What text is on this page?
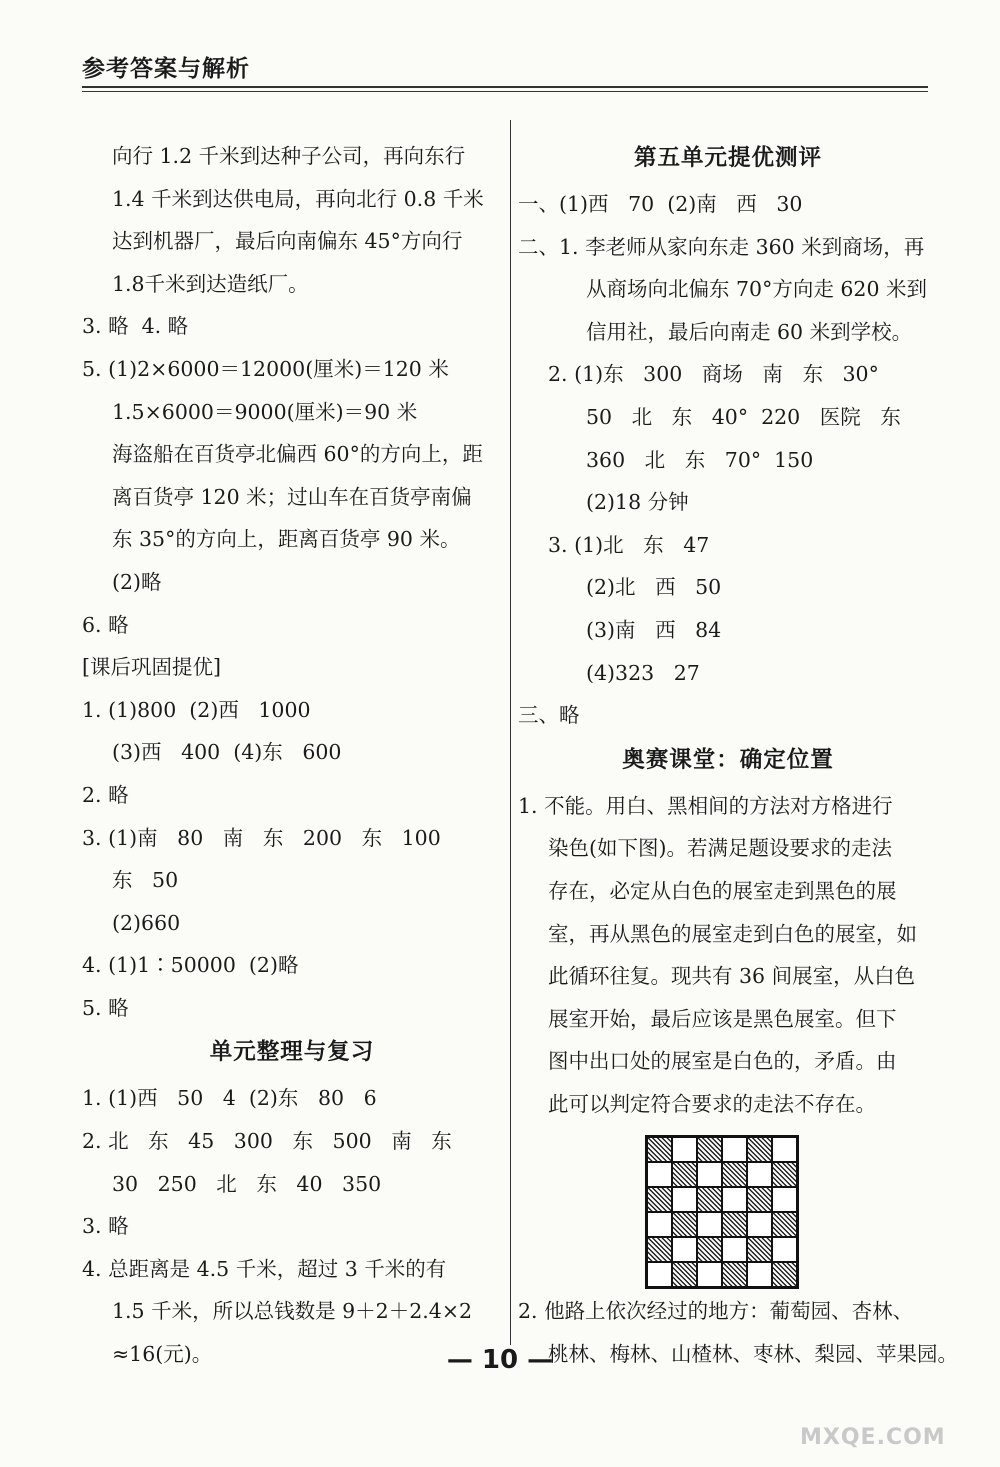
参考答案与解析
向行 1.2 千米到达种子公司，再向东行
1.4 千米到达供电局，再向北行 0.8 千米
达到机器厂，最后向南偏东 45°方向行
1.8千米到达造纸厂。
3. 略  4. 略
5. (1)2×6000＝12000(厘米)＝120 米
1.5×6000＝9000(厘米)＝90 米
海盗船在百货亭北偏西 60°的方向上，距
离百货亭 120 米；过山车在百货亭南偏
东 35°的方向上，距离百货亭 90 米。
(2)略
6. 略
[课后巩固提优]
1. (1)800  (2)西   1000
(3)西   400  (4)东   600
2. 略
3. (1)南   80   南   东   200   东   100
东   50
(2)660
4. (1)1∶50000  (2)略
5. 略
单元整理与复习
1. (1)西   50   4  (2)东   80   6
2. 北   东   45   300   东   500   南   东
30   250   北   东   40   350
3. 略
4. 总距离是 4.5 千米，超过 3 千米的有
1.5 千米，所以总钱数是 9＋2＋2.4×2
≈16(元)。
第五单元提优测评
一、(1)西   70  (2)南   西   30
二、1. 李老师从家向东走 360 米到商场，再
从商场向北偏东 70°方向走 620 米到
信用社，最后向南走 60 米到学校。
2. (1)东   300   商场   南   东   30°
50   北   东   40°  220   医院   东
360   北   东   70°  150
(2)18 分钟
3. (1)北   东   47
(2)北   西   50
(3)南   西   84
(4)323   27
三、略
奥赛课堂：确定位置
1. 不能。用白、黑相间的方法对方格进行
染色(如下图)。若满足题设要求的走法
存在，必定从白色的展室走到黑色的展
室，再从黑色的展室走到白色的展室，如
此循环往复。现共有 36 间展室，从白色
展室开始，最后应该是黑色展室。但下
图中出口处的展室是白色的，矛盾。由
此可以判定符合要求的走法不存在。
2. 他路上依次经过的地方：葡萄园、杏林、
桃林、梅林、山楂林、枣林、梨园、苹果园。
— 10 —
MXQE.COM
